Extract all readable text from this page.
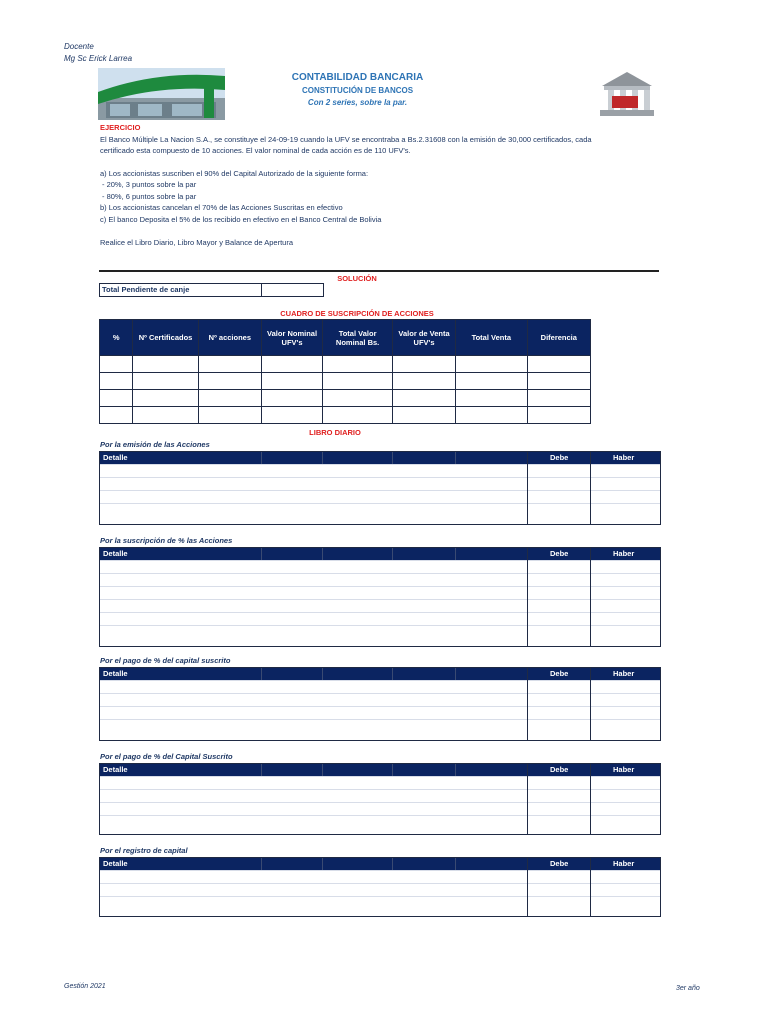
Docente
Mg Sc Erick Larrea
CONTABILIDAD BANCARIA
CONSTITUCIÓN DE BANCOS
Con 2 series, sobre la par.
EJERCICIO
El Banco Múltiple La Nacion S.A., se constituye el 24-09-19 cuando la UFV se encontraba a Bs.2.31608 con la emisión de 30,000 certificados, cada
certificado esta compuesto de 10 acciones. El valor nominal de cada acción es de 110 UFV's.
a) Los accionistas suscriben el 90% del Capital Autorizado de la siguiente forma:
- 20%, 3 puntos sobre la par
- 80%, 6 puntos sobre la par
b) Los accionistas cancelan el 70% de las Acciones Suscritas en efectivo
c) El banco Deposita el 5% de los recibido en efectivo en el Banco Central de Bolivia
Realice el Libro Diario, Libro Mayor y Balance de Apertura
SOLUCIÓN
Total Pendiente de canje
CUADRO DE SUSCRIPCIÓN DE ACCIONES
%	Nº Certificados	Nº acciones	Valor Nominal UFV's	Total Valor Nominal Bs.	Valor de Venta UFV's	Total Venta	Diferencia

LIBRO DIARIO
Por la emisión de las Acciones
Detalle	Debe	Haber
Por la suscripción de % las Acciones
Detalle	Debe	Haber
Por el pago de % del capital suscrito
Detalle	Debe	Haber
Por el pago de % del Capital Suscrito
Detalle	Debe	Haber
Por el registro de capital
Detalle	Debe	Haber
Gestión 2021	3er año
